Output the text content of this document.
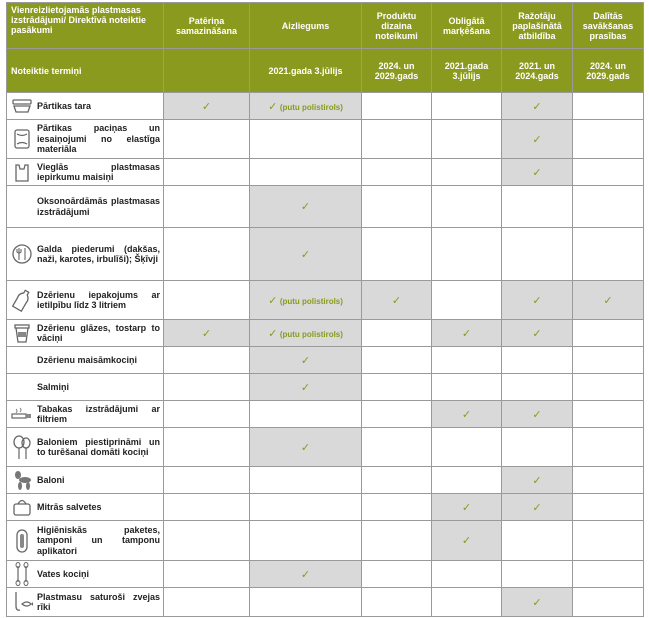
Vienreizlietojamās plastmasas izstrādājumi/ Direktīvā noteiktie pasākumi	Patēriņa samazināšana	Aizliegums	Produktu dizaina noteikumi	Obligātā marķēšana	Ražotāju paplašinātā atbildība	Dalītās savākšanas prasības
Noteiktie termiņi		2021.gada 3.jūlijs	2024. un 2029.gads	2021.gada 3.jūlijs	2021. un 2024.gads	2024. un 2029.gads

Pārtikas tara	✓	✓ (putu polistirols)			✓	

Pārtikas paciņas un iesaiņojumi no elastīga materiāla					✓	

Vieglās plastmasas iepirkumu maisiņi					✓	

Oksonoārdāmās plastmasas izstrādājumi		✓				

Galda piederumi (dakšas, naži, karotes, irbulīši); Šķīvji		✓				

Dzērienu iepakojums ar ietilpību līdz 3 litriem		✓ (putu polistirols)	✓		✓	✓

Dzērienu glāzes, tostarp to vāciņi	✓	✓ (putu polistirols)		✓	✓	

Dzērienu maisāmkociņi		✓				

Salmiņi		✓				

Tabakas izstrādājumi ar filtriem				✓	✓	

Baloniem piestiprināmi un to turēšanai domāti kociņi		✓				

Baloni					✓	

Mitrās salvetes				✓	✓	

Higiēniskās paketes, tamponi un tamponu aplikatori				✓		

Vates kociņi		✓				

Plastmasu saturoši zvejas rīki					✓	
